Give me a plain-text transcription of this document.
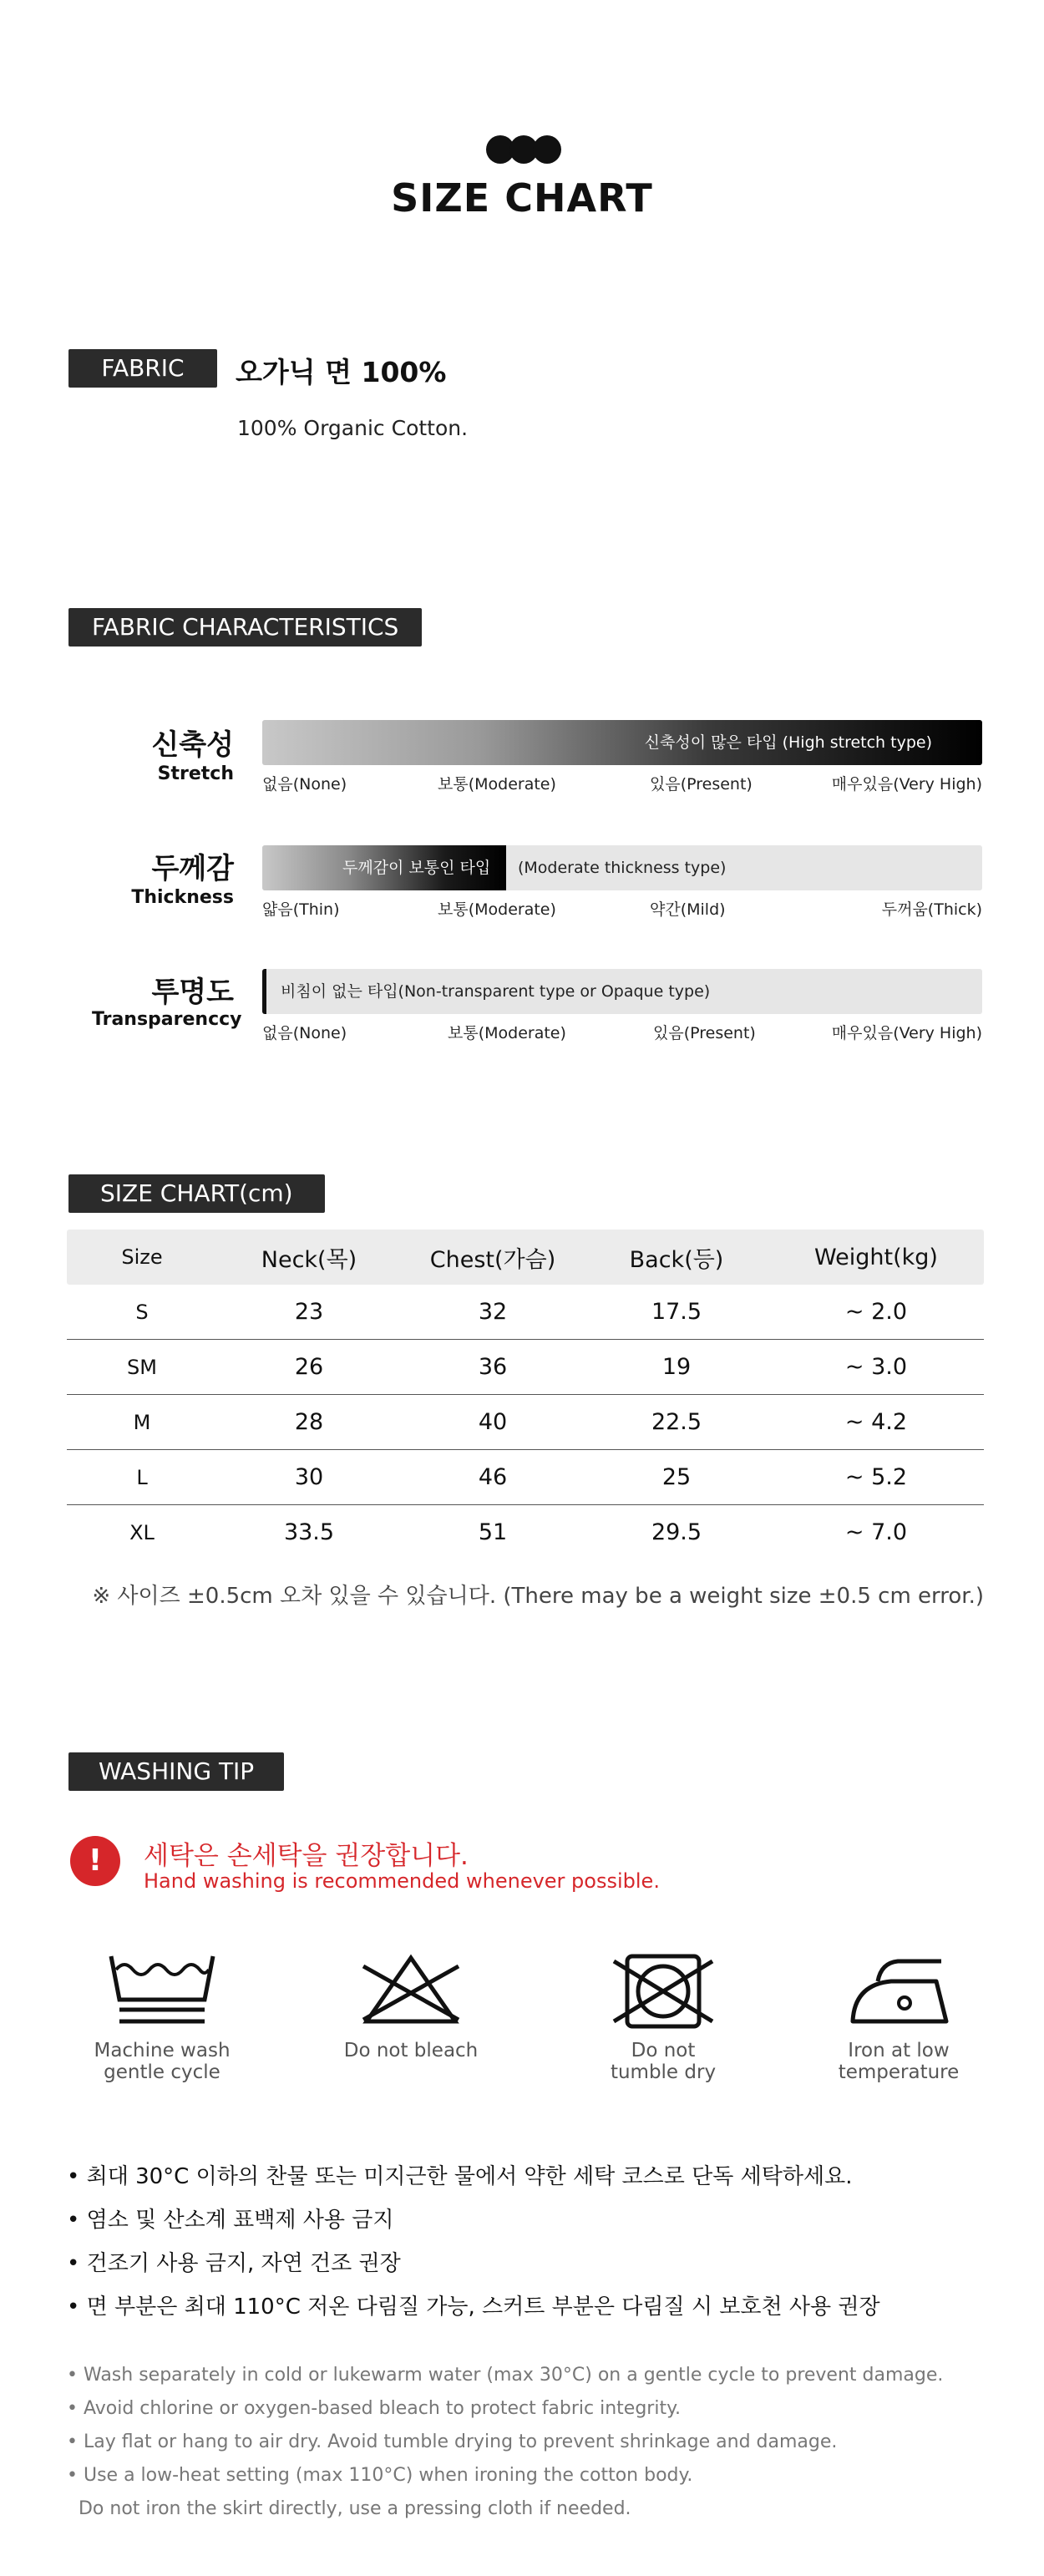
SIZE CHART
FABRIC	오가닉 면 100%
100% Organic Cotton.
FABRIC CHARACTERISTICS
신축성
Stretch
신축성이 많은 타입 (High stretch type)
없음(None)	보통(Moderate)	있음(Present)	매우있음(Very High)
두께감
Thickness
두께감이 보통인 타입 (Moderate thickness type)
얇음(Thin)	보통(Moderate)	약간(Mild)	두꺼움(Thick)
투명도
Transparenccy
비침이 없는 타입(Non-transparent type or Opaque type)
없음(None)	보통(Moderate)	있음(Present)	매우있음(Very High)
SIZE CHART(cm)
Size	Neck(목)	Chest(가슴)	Back(등)	Weight(kg)
S	23	32	17.5	~ 2.0
SM	26	36	19	~ 3.0
M	28	40	22.5	~ 4.2
L	30	46	25	~ 5.2
XL	33.5	51	29.5	~ 7.0
※ 사이즈 ±0.5cm 오차 있을 수 있습니다. (There may be a weight size ±0.5 cm error.)
WASHING TIP
!	세탁은 손세탁을 권장합니다.
Hand washing is recommended whenever possible.
Machine wash
gentle cycle
Do not bleach	Do not
tumble dry
Iron at low
temperature
• 최대 30°C 이하의 찬물 또는 미지근한 물에서 약한 세탁 코스로 단독 세탁하세요.
• 염소 및 산소계 표백제 사용 금지
• 건조기 사용 금지, 자연 건조 권장
• 면 부분은 최대 110°C 저온 다림질 가능, 스커트 부분은 다림질 시 보호천 사용 권장
• Wash separately in cold or lukewarm water (max 30°C) on a gentle cycle to prevent damage.
• Avoid chlorine or oxygen-based bleach to protect fabric integrity.
• Lay flat or hang to air dry. Avoid tumble drying to prevent shrinkage and damage.
• Use a low-heat setting (max 110°C) when ironing the cotton body.
Do not iron the skirt directly, use a pressing cloth if needed.
